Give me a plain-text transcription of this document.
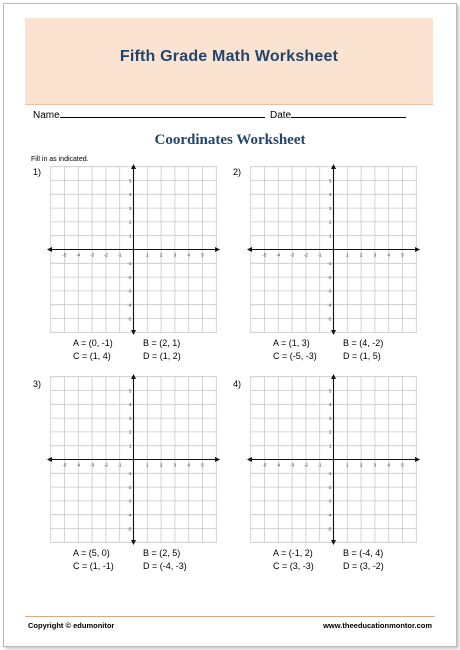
Fifth Grade Math Worksheet
Name	Date
Coordinates Worksheet
Fill in as indicated.
1)
-5 -4 -3 -2 -1	1	2	3	4	5
5
4
3
2
1
-1
-2
-3
-4
-5
A = (0, -1)	B = (2, 1)
C = (1, 4)	D = (1, 2)
2)
-5 -4 -3 -2 -1	1	2	3	4	5
5
4
3
2
1
-1
-2
-3
-4
-5
A = (1, 3)	B = (4, -2)
C = (-5, -3)	D = (1, 5)
3)
-5 -4 -3 -2 -1	1	2	3	4	5
5
4
3
2
1
-1
-2
-3
-4
-5
A = (5, 0)	B = (2, 5)
C = (1, -1)	D = (-4, -3)
4)
-5 -4 -3 -2 -1	1	2	3	4	5
5
4
3
2
1
-1
-2
-3
-4
-5
A = (-1, 2)	B = (-4, 4)
C = (3, -3)	D = (3, -2)
Copyright © edumonitor	www.theeducationmontor.com
